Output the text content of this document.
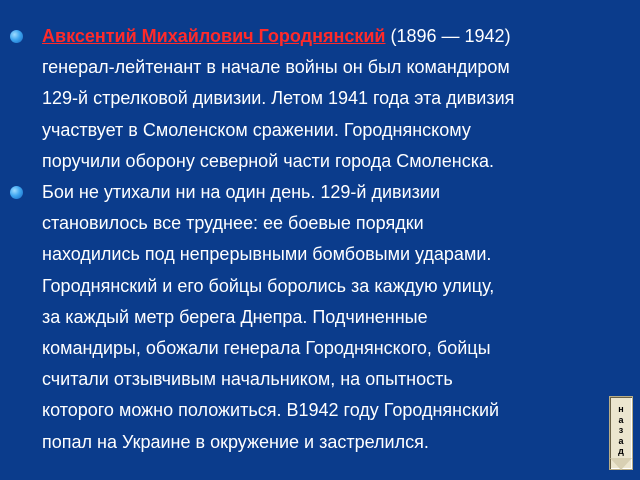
Авксентий Михайлович Городнянский (1896 — 1942)
генерал-лейтенант в начале войны он был командиром
129-й стрелковой дивизии. Летом 1941 года эта дивизия
участвует в Смоленском сражении. Городнянскому
поручили оборону северной части города Смоленска.
Бои не утихали ни на один день. 129-й дивизии
становилось все труднее: ее боевые порядки
находились под непрерывными бомбовыми ударами.
Городнянский и его бойцы боролись за каждую улицу,
за каждый метр берега Днепра. Подчиненные
командиры, обожали генерала Городнянского, бойцы
считали отзывчивым начальником, на опытность
которого можно положиться. В1942 году Городнянский
попал на Украине в окружение и застрелился.
н
а
з
а
д
